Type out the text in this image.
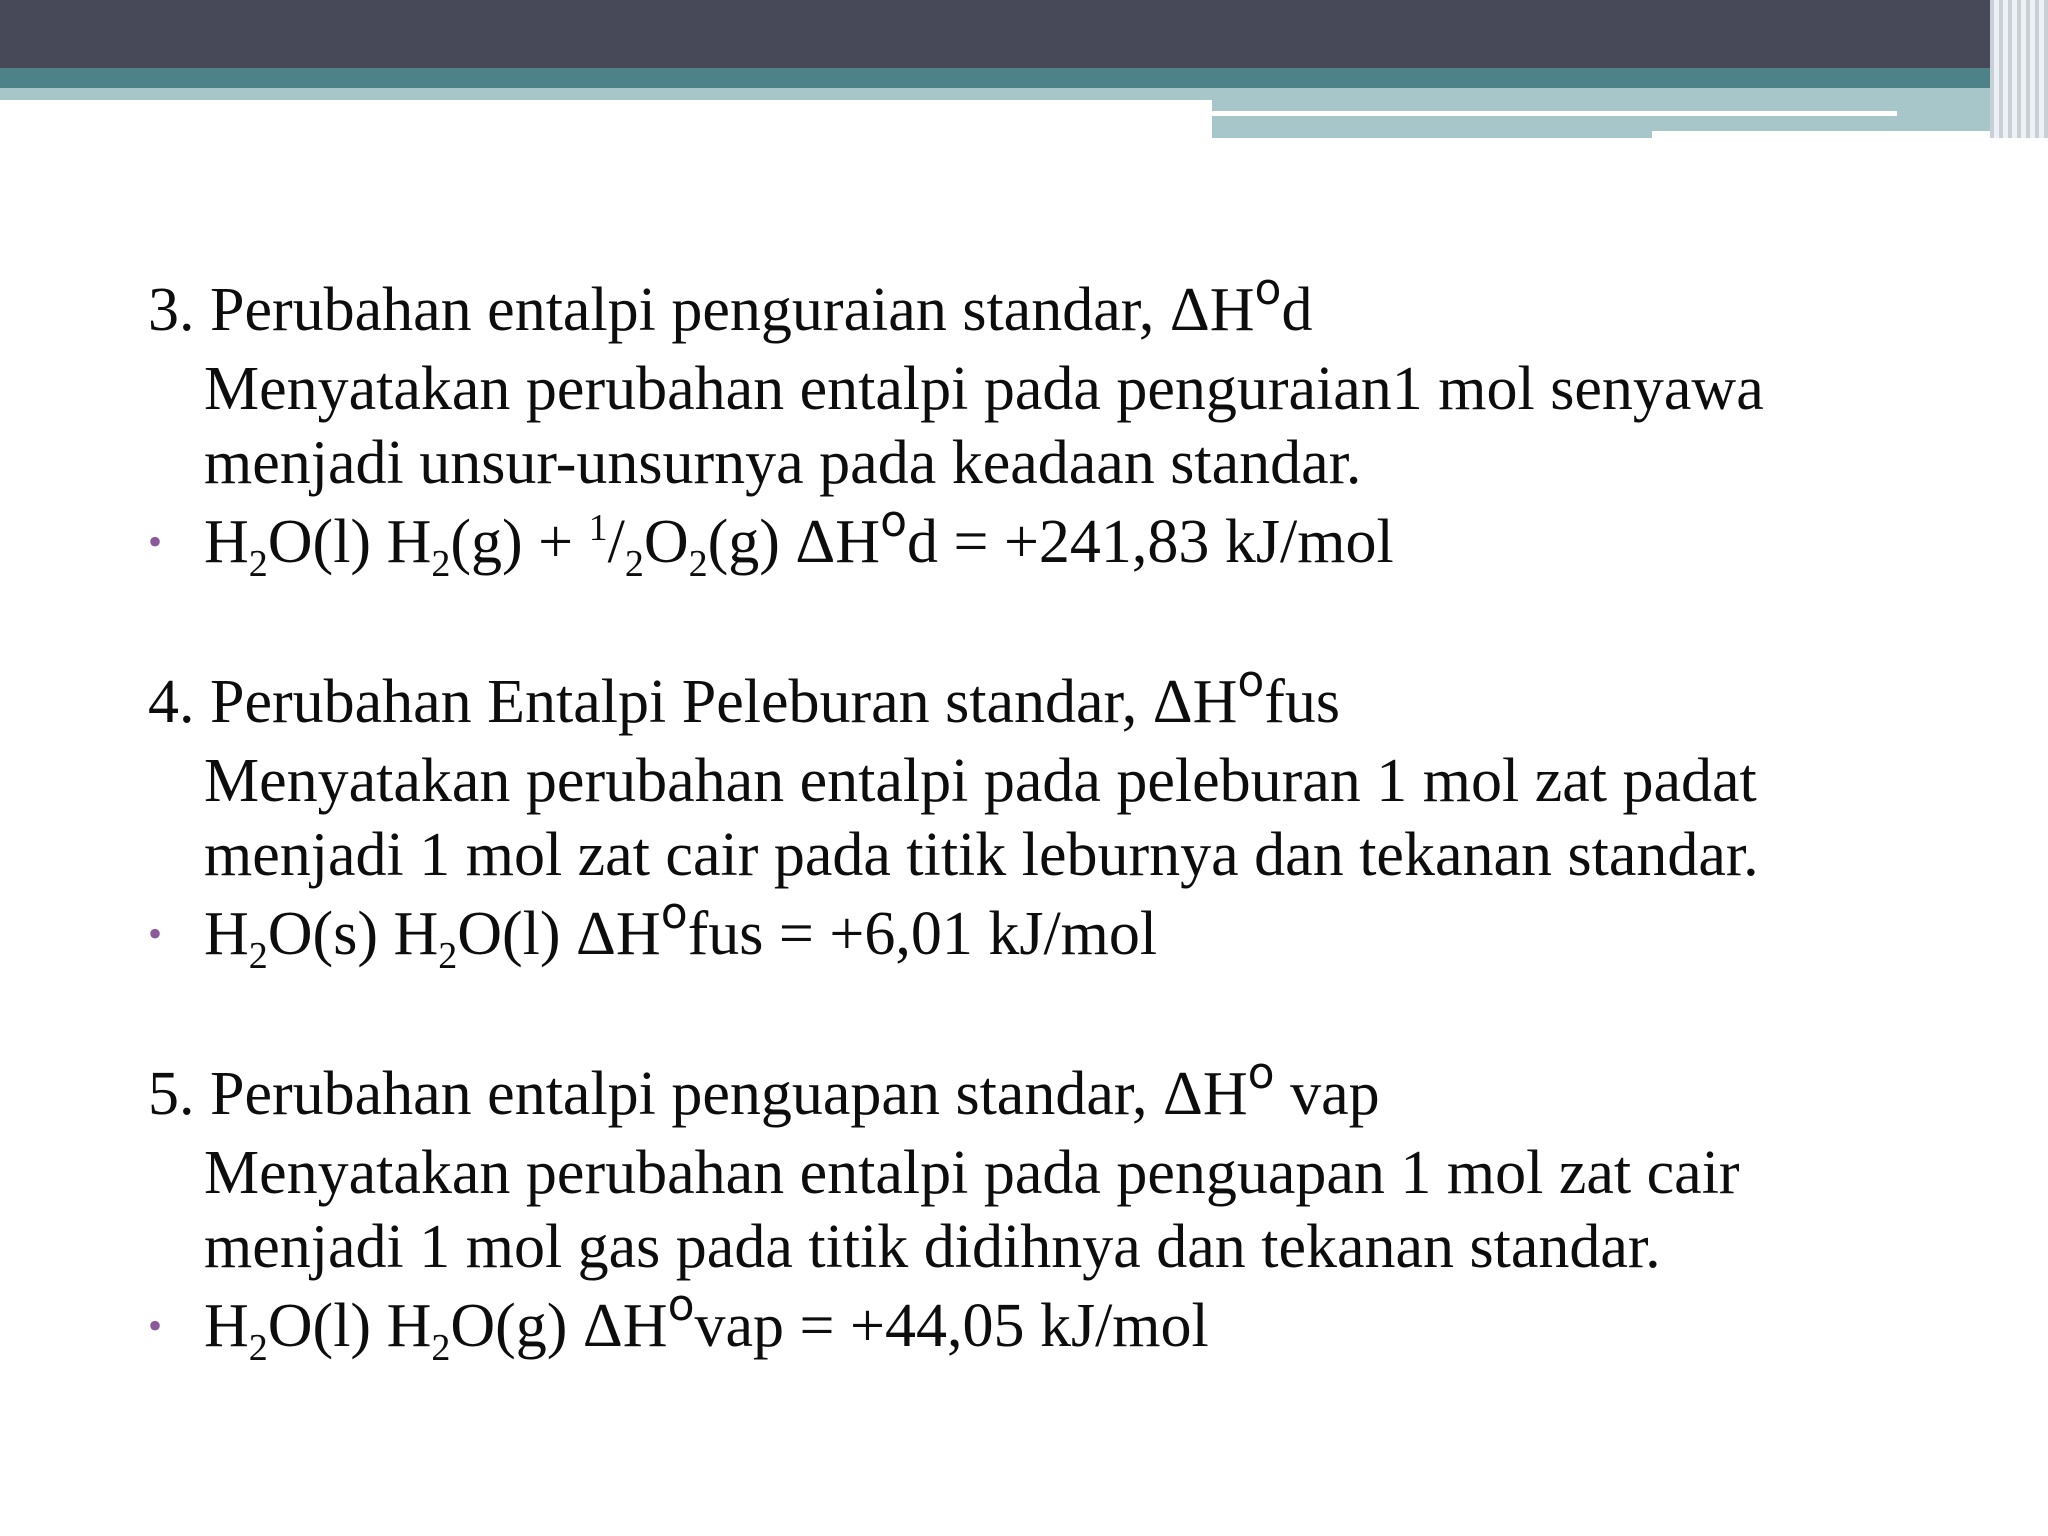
3. Perubahan entalpi penguraian standar, $\Delta H^od$

Menyatakan perubahan entalpi pada penguraian1 mol senyawa
menjadi unsur-unsurnya pada keadaan standar.

• $H_2O(l) H_2(g) + ^1/_2O_2(g) \Delta H^od = +241,83$ kJ/mol

4. Perubahan Entalpi Peleburan standar, $\Delta H^ofus$

Menyatakan perubahan entalpi pada peleburan 1 mol zat padat
menjadi 1 mol zat cair pada titik leburnya dan tekanan standar.

• $H_2O(s)$ $H_2O(l) \Delta H^ofus = +6,01$ kJ/mol

5. Perubahan entalpi penguapan standar, $\Delta H^o$ vap

Menyatakan perubahan entalpi pada penguapan 1 mol zat cair
menjadi 1 mol gas pada titik didihnya dan tekanan standar.

• $H_2O(l)$ $H_2O(g) \Delta H^ovap = +44,05$ kJ/mol
